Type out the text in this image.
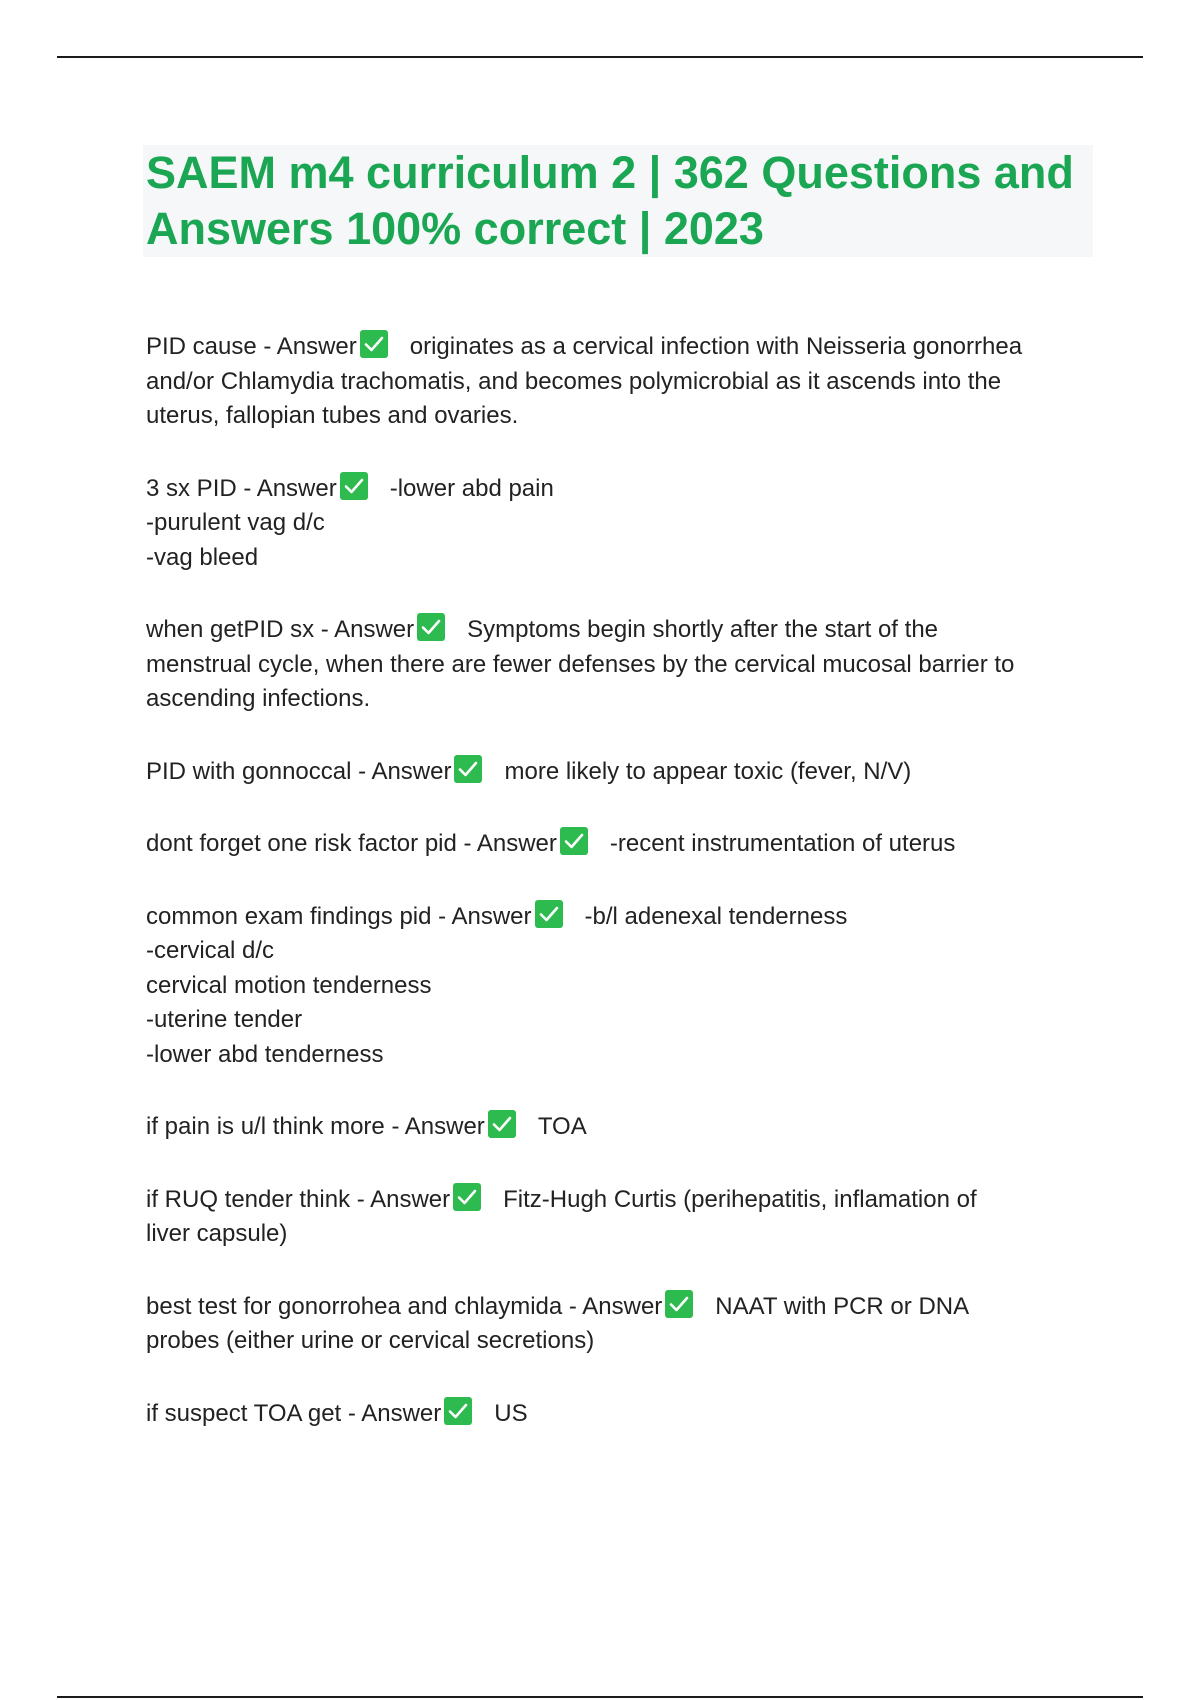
SAEM m4 curriculum 2 | 362 Questions and Answers 100% correct | 2023

PID cause - Answer originates as a cervical infection with Neisseria gonorrhea
and/or Chlamydia trachomatis, and becomes polymicrobial as it ascends into the
uterus, fallopian tubes and ovaries.

3 sx PID - Answer -lower abd pain
-purulent vag d/c
-vag bleed

when getPID sx - Answer Symptoms begin shortly after the start of the
menstrual cycle, when there are fewer defenses by the cervical mucosal barrier to
ascending infections.

PID with gonnoccal - Answer more likely to appear toxic (fever, N/V)

dont forget one risk factor pid - Answer -recent instrumentation of uterus

common exam findings pid - Answer -b/l adenexal tenderness
-cervical d/c
cervical motion tenderness
-uterine tender
-lower abd tenderness

if pain is u/l think more - Answer TOA

if RUQ tender think - Answer Fitz-Hugh Curtis (perihepatitis, inflamation of
liver capsule)

best test for gonorrohea and chlaymida - Answer NAAT with PCR or DNA
probes (either urine or cervical secretions)

if suspect TOA get - Answer US
